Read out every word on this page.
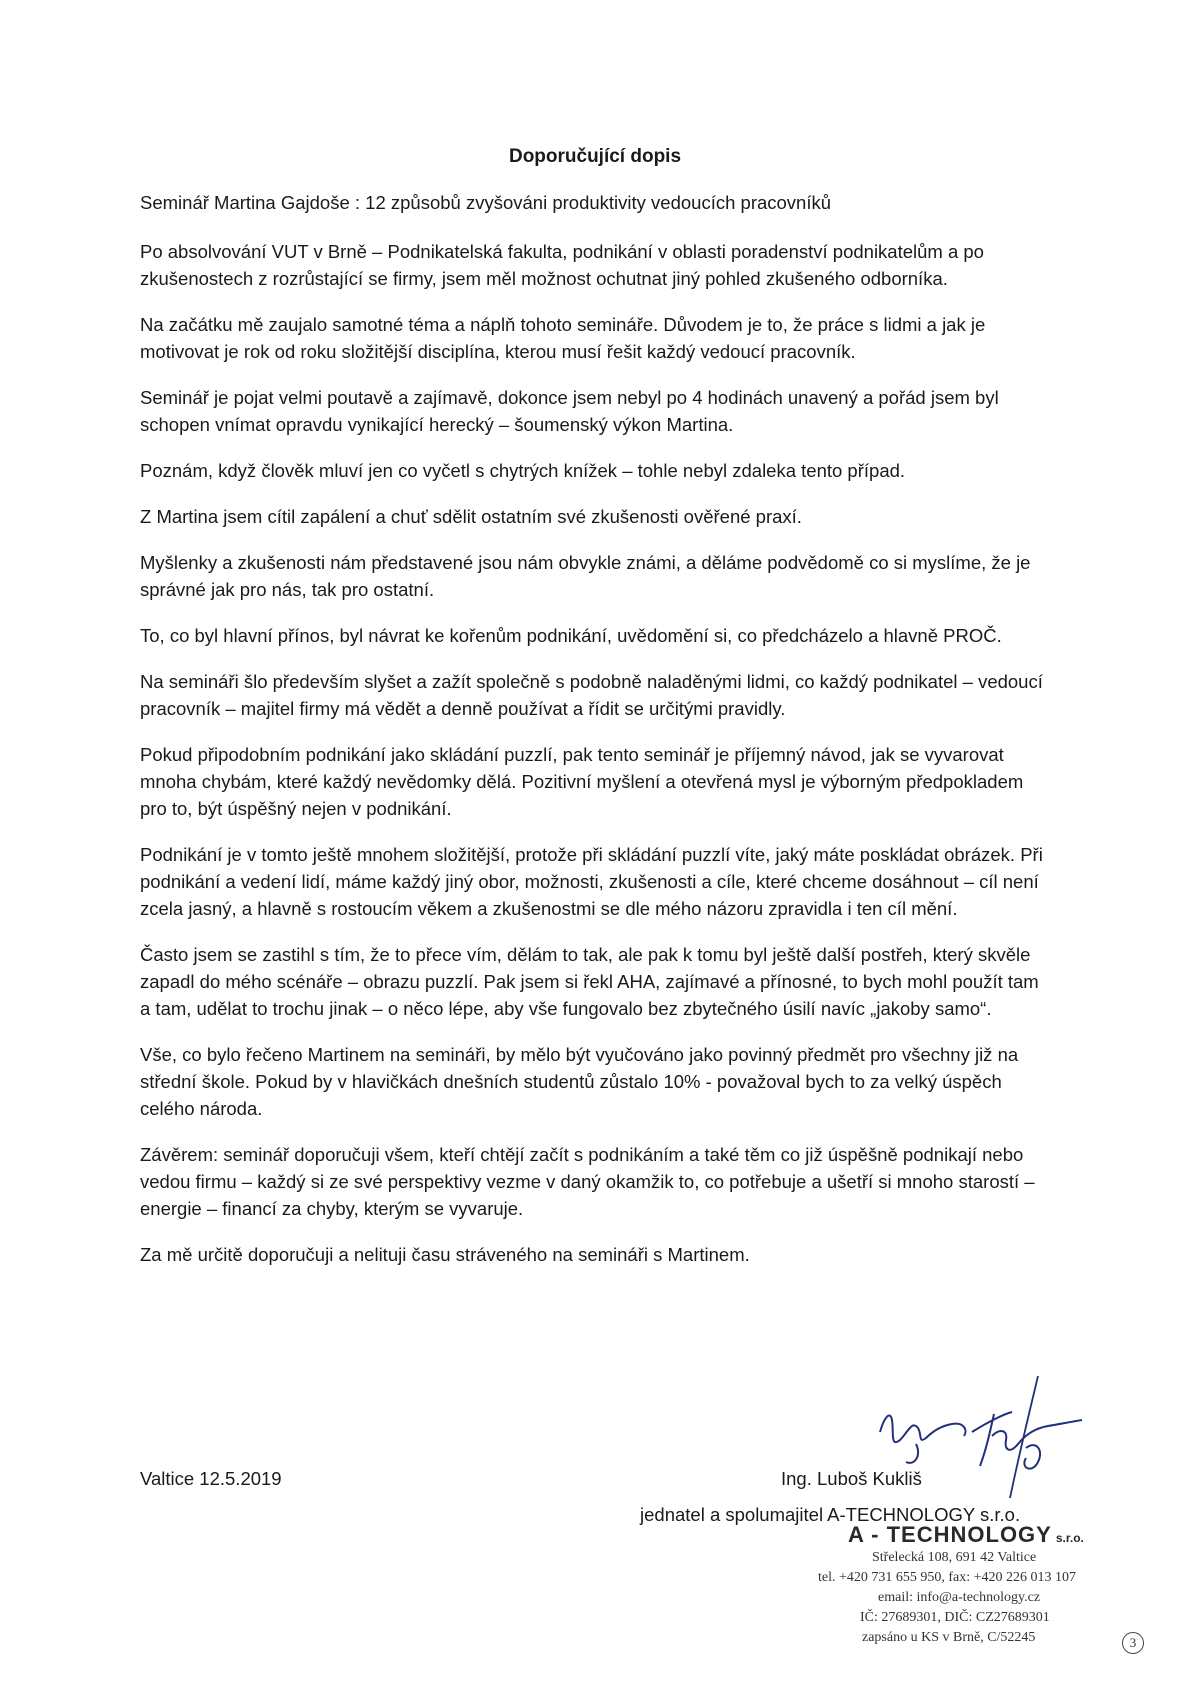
Doporučující dopis
Seminář Martina Gajdoše : 12 způsobů zvyšováni produktivity vedoucích pracovníků

Po absolvování VUT v Brně – Podnikatelská fakulta, podnikání v oblasti poradenství podnikatelům a po zkušenostech z rozrůstající se firmy, jsem měl možnost ochutnat jiný pohled zkušeného odborníka.

Na začátku mě zaujalo samotné téma a náplň tohoto semináře. Důvodem je to, že práce s lidmi a jak je motivovat je rok od roku složitější disciplína, kterou musí řešit každý vedoucí pracovník.

Seminář je pojat velmi poutavě a zajímavě, dokonce jsem nebyl po 4 hodinách unavený a pořád jsem byl schopen vnímat opravdu vynikající herecký – šoumenský výkon Martina.

Poznám, když člověk mluví jen co vyčetl s chytrých knížek – tohle nebyl zdaleka tento případ.

Z Martina jsem cítil zapálení a chuť sdělit ostatním své zkušenosti ověřené praxí.

Myšlenky a zkušenosti nám představené jsou nám obvykle známi, a děláme podvědomě co si myslíme, že je správné jak pro nás, tak pro ostatní.

To, co byl hlavní přínos, byl návrat ke kořenům podnikání, uvědomění si, co předcházelo a hlavně PROČ.

Na semináři šlo především slyšet a zažít společně s podobně naladěnými lidmi, co každý podnikatel – vedoucí pracovník – majitel firmy má vědět a denně používat a řídit se určitými pravidly.

Pokud připodobním podnikání jako skládání puzzlí, pak tento seminář je příjemný návod, jak se vyvarovat mnoha chybám, které každý nevědomky dělá. Pozitivní myšlení a otevřená mysl je výborným předpokladem pro to, být úspěšný nejen v podnikání.

Podnikání je v tomto ještě mnohem složitější, protože při skládání puzzlí víte, jaký máte poskládat obrázek. Při podnikání a vedení lidí, máme každý jiný obor, možnosti, zkušenosti a cíle, které chceme dosáhnout – cíl není zcela jasný, a hlavně s rostoucím věkem a zkušenostmi se dle mého názoru zpravidla i ten cíl mění.

Často jsem se zastihl s tím, že to přece vím, dělám to tak, ale pak k tomu byl ještě další postřeh, který skvěle zapadl do mého scénáře – obrazu puzzlí. Pak jsem si řekl AHA, zajímavé a přínosné, to bych mohl použít tam a tam, udělat to trochu jinak – o něco lépe, aby vše fungovalo bez zbytečného úsilí navíc „jakoby samo“.

Vše, co bylo řečeno Martinem na semináři, by mělo být vyučováno jako povinný předmět pro všechny již na střední škole. Pokud by v hlavičkách dnešních studentů zůstalo 10% - považoval bych to za velký úspěch celého národa.

Závěrem: seminář doporučuji všem, kteří chtějí začít s podnikáním a také těm co již úspěšně podnikají nebo vedou firmu – každý si ze své perspektivy vezme v daný okamžik to, co potřebuje a ušetří si mnoho starostí – energie – financí za chyby, kterým se vyvaruje.

Za mě určitě doporučuji a nelituji času stráveného na semináři s Martinem.

Valtice 12.5.2019	Ing. Luboš Kukliš
jednatel a spolumajitel A-TECHNOLOGY s.r.o.
A - TECHNOLOGY s.r.o.
Střelecká 108, 691 42 Valtice
tel. +420 731 655 950, fax: +420 226 013 107
email: info@a-technology.cz
IČ: 27689301, DIČ: CZ27689301
zapsáno u KS v Brně, C/52245	3
